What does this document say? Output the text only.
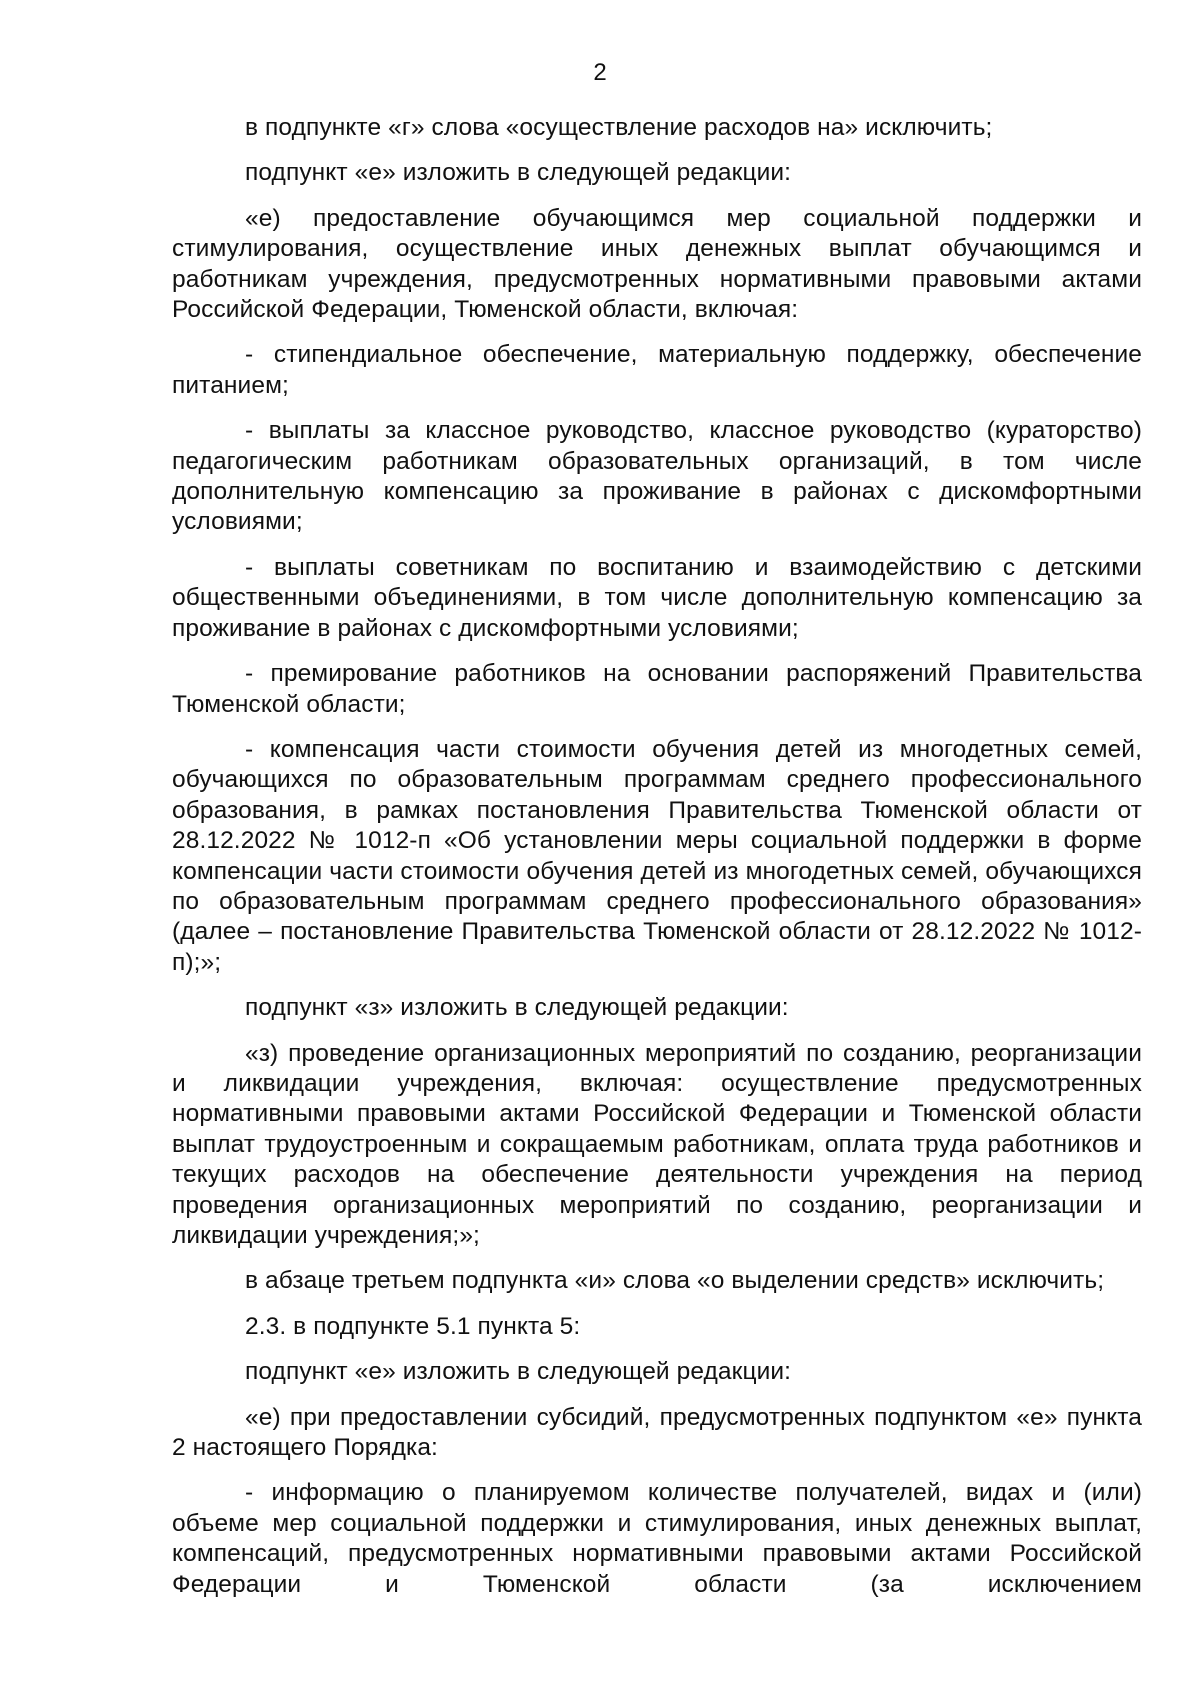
2

в подпункте «г» слова «осуществление расходов на» исключить;

подпункт «е» изложить в следующей редакции:

«е) предоставление обучающимся мер социальной поддержки и стимулирования, осуществление иных денежных выплат обучающимся и работникам учреждения, предусмотренных нормативными правовыми актами Российской Федерации, Тюменской области, включая:

- стипендиальное обеспечение, материальную поддержку, обеспечение питанием;

- выплаты за классное руководство, классное руководство (кураторство) педагогическим работникам образовательных организаций, в том числе дополнительную компенсацию за проживание в районах с дискомфортными условиями;

- выплаты советникам по воспитанию и взаимодействию с детскими общественными объединениями, в том числе дополнительную компенсацию за проживание в районах с дискомфортными условиями;

- премирование работников на основании распоряжений Правительства Тюменской области;

- компенсация части стоимости обучения детей из многодетных семей, обучающихся по образовательным программам среднего профессионального образования, в рамках постановления Правительства Тюменской области от 28.12.2022 № 1012-п «Об установлении меры социальной поддержки в форме компенсации части стоимости обучения детей из многодетных семей, обучающихся по образовательным программам среднего профессионального образования» (далее – постановление Правительства Тюменской области от 28.12.2022 № 1012-п);»;

подпункт «з» изложить в следующей редакции:

«з) проведение организационных мероприятий по созданию, реорганизации и ликвидации учреждения, включая: осуществление предусмотренных нормативными правовыми актами Российской Федерации и Тюменской области выплат трудоустроенным и сокращаемым работникам, оплата труда работников и текущих расходов на обеспечение деятельности учреждения на период проведения организационных мероприятий по созданию, реорганизации и ликвидации учреждения;»;

в абзаце третьем подпункта «и» слова «о выделении средств» исключить;

2.3. в подпункте 5.1 пункта 5:

подпункт «е» изложить в следующей редакции:

«е) при предоставлении субсидий, предусмотренных подпунктом «е» пункта 2 настоящего Порядка:

- информацию о планируемом количестве получателей, видах и (или) объеме мер социальной поддержки и стимулирования, иных денежных выплат, компенсаций, предусмотренных нормативными правовыми актами Российской Федерации и Тюменской области (за исключением
